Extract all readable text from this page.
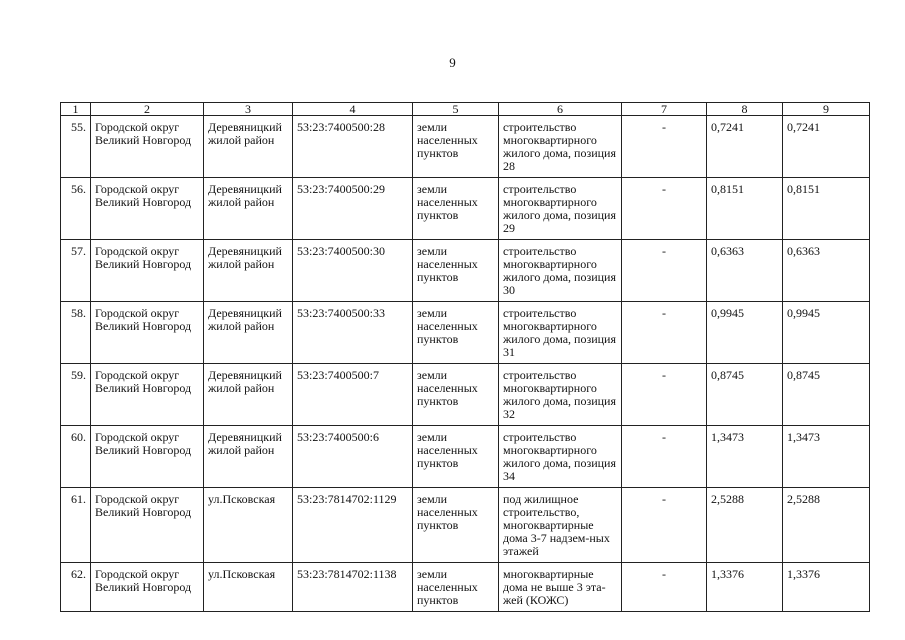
9
1	2	3	4	5	6	7	8	9
55.	Городской округ Великий Новгород	Деревяницкий жилой район	53:23:7400500:28	земли населенных пунктов	строительство многоквартирного жилого дома, позиция 28	-	0,7241	0,7241
56.	Городской округ Великий Новгород	Деревяницкий жилой район	53:23:7400500:29	земли населенных пунктов	строительство многоквартирного жилого дома, позиция 29	-	0,8151	0,8151
57.	Городской округ Великий Новгород	Деревяницкий жилой район	53:23:7400500:30	земли населенных пунктов	строительство многоквартирного жилого дома, позиция 30	-	0,6363	0,6363
58.	Городской округ Великий Новгород	Деревяницкий жилой район	53:23:7400500:33	земли населенных пунктов	строительство многоквартирного жилого дома, позиция 31	-	0,9945	0,9945
59.	Городской округ Великий Новгород	Деревяницкий жилой район	53:23:7400500:7	земли населенных пунктов	строительство многоквартирного жилого дома, позиция 32	-	0,8745	0,8745
60.	Городской округ Великий Новгород	Деревяницкий жилой район	53:23:7400500:6	земли населенных пунктов	строительство многоквартирного жилого дома, позиция 34	-	1,3473	1,3473
61.	Городской округ Великий Новгород	ул.Псковская	53:23:7814702:1129	земли населенных пунктов	под жилищное строительство, многоквартирные дома 3-7 надзем-ных этажей	-	2,5288	2,5288
62.	Городской округ Великий Новгород	ул.Псковская	53:23:7814702:1138	земли населенных пунктов	многоквартирные дома не выше 3 эта-жей (КОЖС)	-	1,3376	1,3376
